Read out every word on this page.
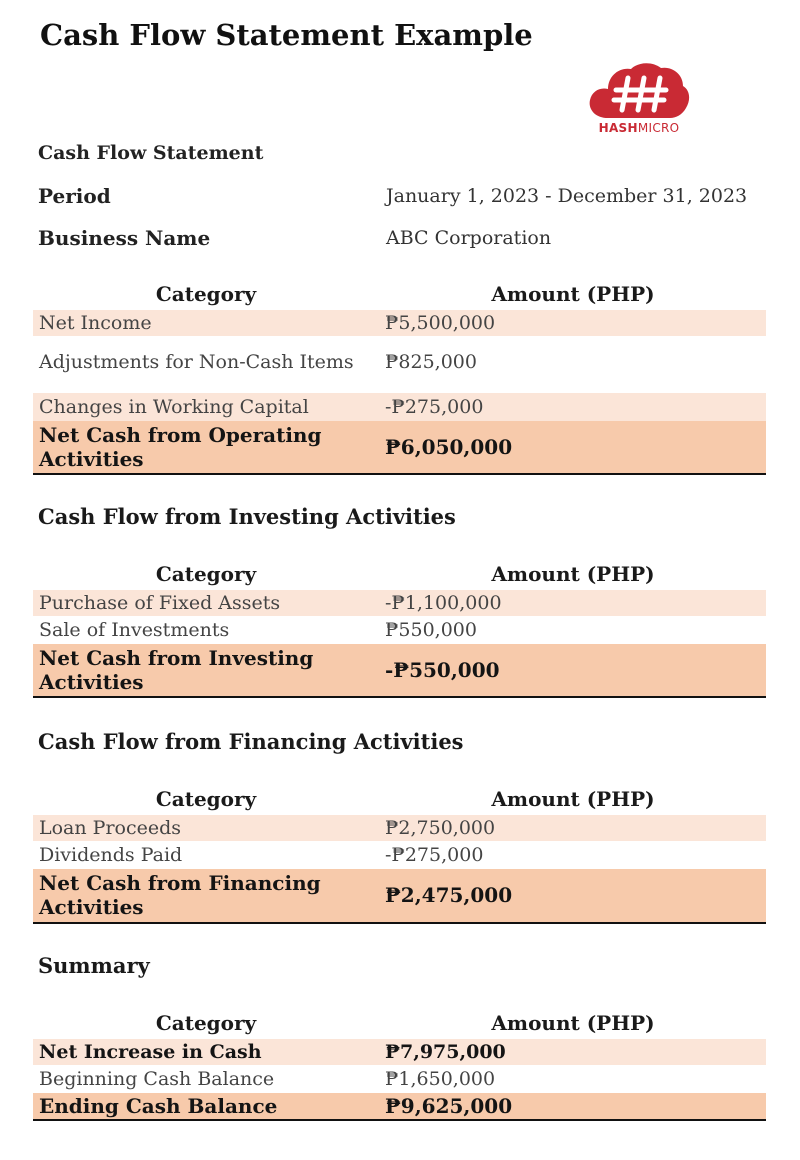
Cash Flow Statement Example
HASHMICRO
Cash Flow Statement
Period	January 1, 2023 - December 31, 2023
Business Name	ABC Corporation
Category	Amount (PHP)
Net Income	₱5,500,000
Adjustments for Non-Cash Items	₱825,000
Changes in Working Capital	-₱275,000
Net Cash from Operating Activities	₱6,050,000
Cash Flow from Investing Activities
Category	Amount (PHP)
Purchase of Fixed Assets	-₱1,100,000
Sale of Investments	₱550,000
Net Cash from Investing Activities	-₱550,000
Cash Flow from Financing Activities
Category	Amount (PHP)
Loan Proceeds	₱2,750,000
Dividends Paid	-₱275,000
Net Cash from Financing Activities	₱2,475,000
Summary
Category	Amount (PHP)
Net Increase in Cash	₱7,975,000
Beginning Cash Balance	₱1,650,000
Ending Cash Balance	₱9,625,000
